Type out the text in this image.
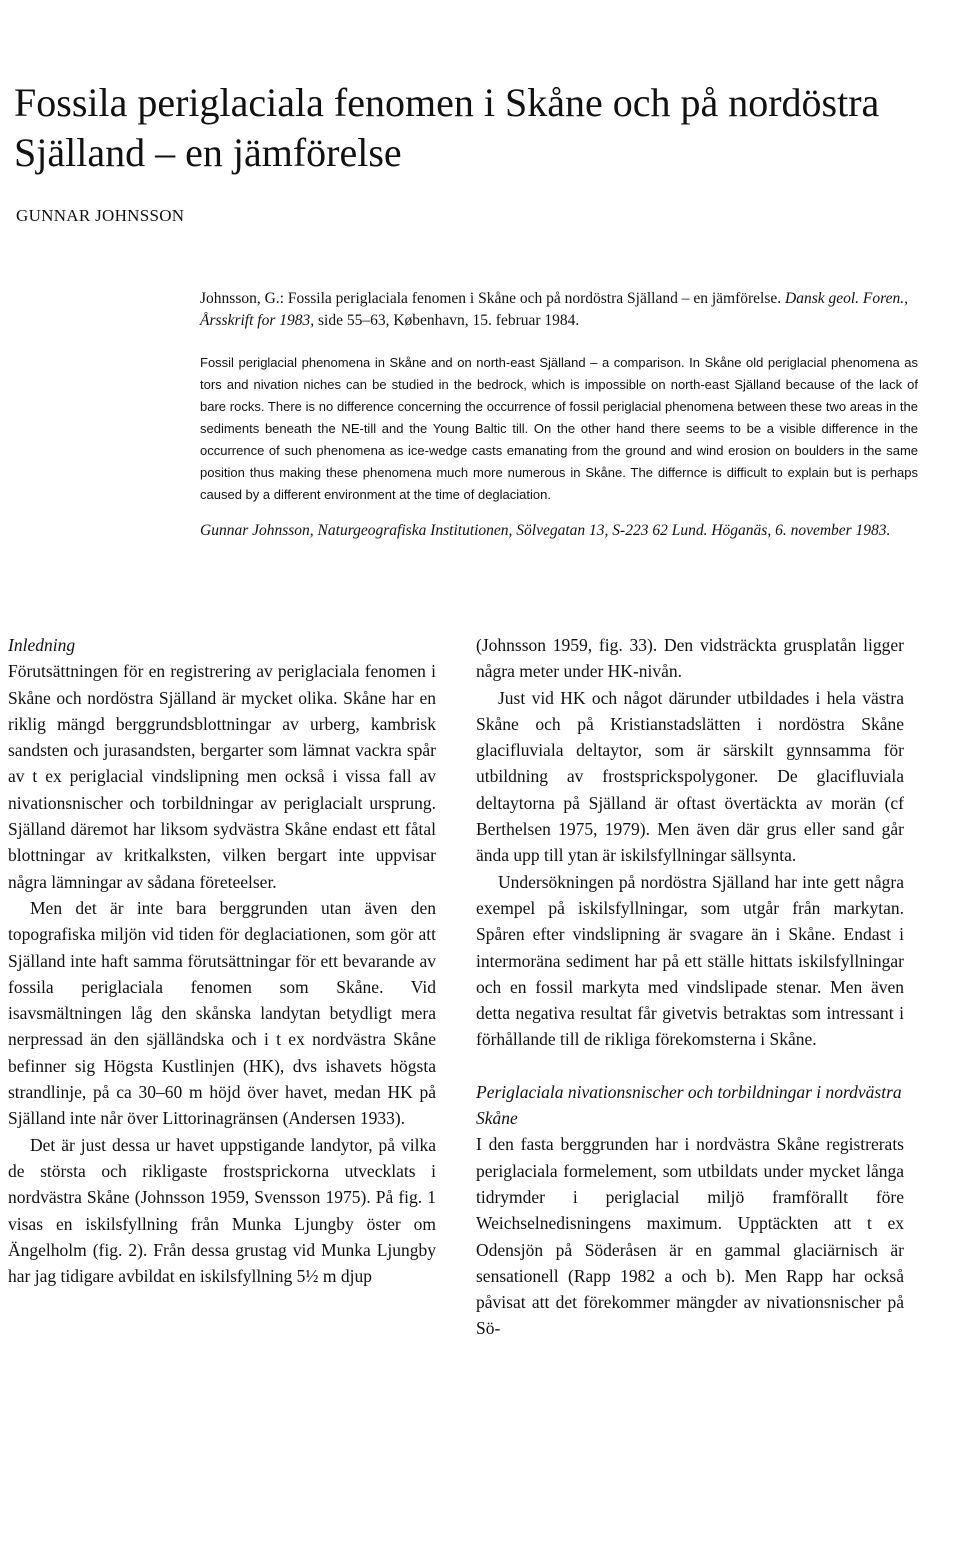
Fossila periglaciala fenomen i Skåne och på nordöstra Själland – en jämförelse
GUNNAR JOHNSSON
Johnsson, G.: Fossila periglaciala fenomen i Skåne och på nordöstra Själland – en jämförelse. Dansk geol. Foren., Årsskrift for 1983, side 55–63, København, 15. februar 1984.

Fossil periglacial phenomena in Skåne and on north-east Själland – a comparison. In Skåne old periglacial phenomena as tors and nivation niches can be studied in the bedrock, which is impossible on north-east Själland because of the lack of bare rocks. There is no difference concerning the occurrence of fossil periglacial phenomena between these two areas in the sediments beneath the NE-till and the Young Baltic till. On the other hand there seems to be a visible difference in the occurrence of such phenomena as ice-wedge casts emanating from the ground and wind erosion on boulders in the same position thus making these phenomena much more numerous in Skåne. The differnce is difficult to explain but is perhaps caused by a different environment at the time of deglaciation.

Gunnar Johnsson, Naturgeografiska Institutionen, Sölvegatan 13, S-223 62 Lund. Höganäs, 6. november 1983.
Inledning

Förutsättningen för en registrering av periglaciala fenomen i Skåne och nordöstra Själland är mycket olika. Skåne har en riklig mängd berggrundsblottningar av urberg, kambrisk sandsten och jurasandsten, bergarter som lämnat vackra spår av t ex periglacial vindslipning men också i vissa fall av nivationsnischer och torbildningar av periglacialt ursprung. Själland däremot har liksom sydvästra Skåne endast ett fåtal blottningar av kritkalksten, vilken bergart inte uppvisar några lämningar av sådana företeelser.

Men det är inte bara berggrunden utan även den topografiska miljön vid tiden för deglaciationen, som gör att Själland inte haft samma förutsättningar för ett bevarande av fossila periglaciala fenomen som Skåne. Vid isavsmältningen låg den skånska landytan betydligt mera nerpressad än den själländska och i t ex nordvästra Skåne befinner sig Högsta Kustlinjen (HK), dvs ishavets högsta strandlinje, på ca 30–60 m höjd över havet, medan HK på Själland inte når över Littorinagränsen (Andersen 1933).

Det är just dessa ur havet uppstigande landytor, på vilka de största och rikligaste frostsprickorna utvecklats i nordvästra Skåne (Johnsson 1959, Svensson 1975). På fig. 1 visas en iskilsfyllning från Munka Ljungby öster om Ängelholm (fig. 2). Från dessa grustag vid Munka Ljungby har jag tidigare avbildat en iskilsfyllning 5½ m djup

(Johnsson 1959, fig. 33). Den vidsträckta grusplatån ligger några meter under HK-nivån.

Just vid HK och något därunder utbildades i hela västra Skåne och på Kristianstadslätten i nordöstra Skåne glacifluviala deltaytor, som är särskilt gynnsamma för utbildning av frostsprickspolygoner. De glacifluviala deltaytorna på Själland är oftast övertäckta av morän (cf Berthelsen 1975, 1979). Men även där grus eller sand går ända upp till ytan är iskilsfyllningar sällsynta.

Undersökningen på nordöstra Själland har inte gett några exempel på iskilsfyllningar, som utgår från markytan. Spåren efter vindslipning är svagare än i Skåne. Endast i intermoräna sediment har på ett ställe hittats iskilsfyllningar och en fossil markyta med vindslipade stenar. Men även detta negativa resultat får givetvis betraktas som intressant i förhållande till de rikliga förekomsterna i Skåne.

Periglaciala nivationsnischer och torbildningar i nordvästra Skåne

I den fasta berggrunden har i nordvästra Skåne registrerats periglaciala formelement, som utbildats under mycket långa tidrymder i periglacial miljö framförallt före Weichselnedisningens maximum. Upptäckten att t ex Odensjön på Söderåsen är en gammal glaciärnisch är sensationell (Rapp 1982 a och b). Men Rapp har också påvisat att det förekommer mängder av nivationsnischer på Sö-
